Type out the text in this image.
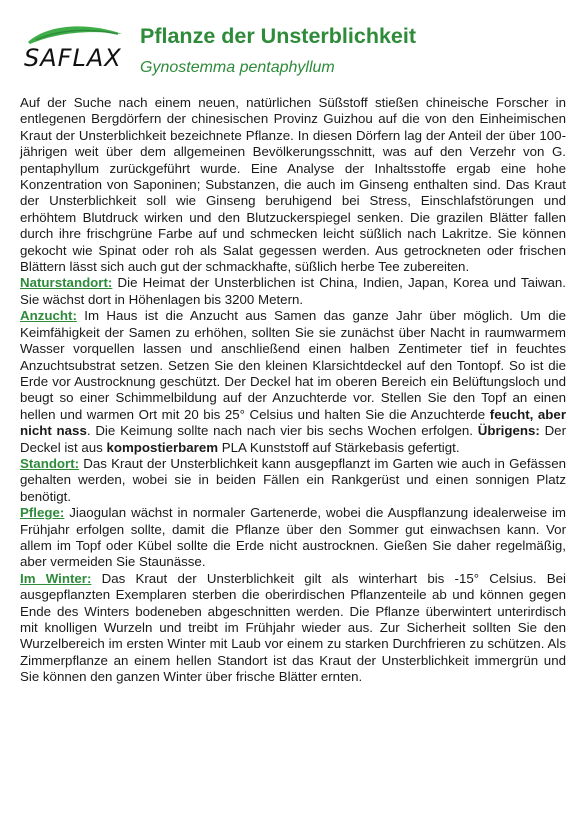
SAFLAX
Pflanze der Unsterblichkeit
Gynostemma pentaphyllum

Auf der Suche nach einem neuen, natürlichen Süßstoff stießen chineische Forscher in entlegenen Bergdörfern der chinesischen Provinz Guizhou auf die von den Einheimischen Kraut der Unsterblichkeit bezeichnete Pflanze. In diesen Dörfern lag der Anteil der über 100-jährigen weit über dem allgemeinen Bevölkerungsschnitt, was auf den Verzehr von G. pentaphyllum zurückgeführt wurde. Eine Analyse der Inhaltsstoffe ergab eine hohe Konzentration von Saponinen; Substanzen, die auch im Ginseng enthalten sind. Das Kraut der Unsterblichkeit soll wie Ginseng beruhigend bei Stress, Einschlafstörungen und erhöhtem Blutdruck wirken und den Blutzuckerspiegel senken. Die grazilen Blätter fallen durch ihre frischgrüne Farbe auf und schmecken leicht süßlich nach Lakritze. Sie können gekocht wie Spinat oder roh als Salat gegessen werden. Aus getrockneten oder frischen Blättern lässt sich auch gut der schmackhafte, süßlich herbe Tee zubereiten.

Naturstandort: Die Heimat der Unsterblichen ist China, Indien, Japan, Korea und Taiwan. Sie wächst dort in Höhenlagen bis 3200 Metern.

Anzucht: Im Haus ist die Anzucht aus Samen das ganze Jahr über möglich. Um die Keimfähigkeit der Samen zu erhöhen, sollten Sie sie zunächst über Nacht in raumwarmem Wasser vorquellen lassen und anschließend einen halben Zentimeter tief in feuchtes Anzuchtsubstrat setzen. Setzen Sie den kleinen Klarsichtdeckel auf den Tontopf. So ist die Erde vor Austrocknung geschützt. Der Deckel hat im oberen Bereich ein Belüftungsloch und beugt so einer Schimmelbildung auf der Anzuchterde vor. Stellen Sie den Topf an einen hellen und warmen Ort mit 20 bis 25° Celsius und halten Sie die Anzuchterde feucht, aber nicht nass. Die Keimung sollte nach nach vier bis sechs Wochen erfolgen. Übrigens: Der Deckel ist aus kompostierbarem PLA Kunststoff auf Stärkebasis gefertigt.

Standort: Das Kraut der Unsterblichkeit kann ausgepflanzt im Garten wie auch in Gefässen gehalten werden, wobei sie in beiden Fällen ein Rankgerüst und einen sonnigen Platz benötigt.

Pflege: Jiaogulan wächst in normaler Gartenerde, wobei die Auspflanzung idealerweise im Frühjahr erfolgen sollte, damit die Pflanze über den Sommer gut einwachsen kann. Vor allem im Topf oder Kübel sollte die Erde nicht austrocknen. Gießen Sie daher regelmäßig, aber vermeiden Sie Staunässe.

Im Winter: Das Kraut der Unsterblichkeit gilt als winterhart bis -15° Celsius. Bei ausgepflanzten Exemplaren sterben die oberirdischen Pflanzenteile ab und können gegen Ende des Winters bodeneben abgeschnitten werden. Die Pflanze überwintert unterirdisch mit knolligen Wurzeln und treibt im Frühjahr wieder aus. Zur Sicherheit sollten Sie den Wurzelbereich im ersten Winter mit Laub vor einem zu starken Durchfrieren zu schützen. Als Zimmerpflanze an einem hellen Standort ist das Kraut der Unsterblichkeit immergrün und Sie können den ganzen Winter über frische Blätter ernten.
